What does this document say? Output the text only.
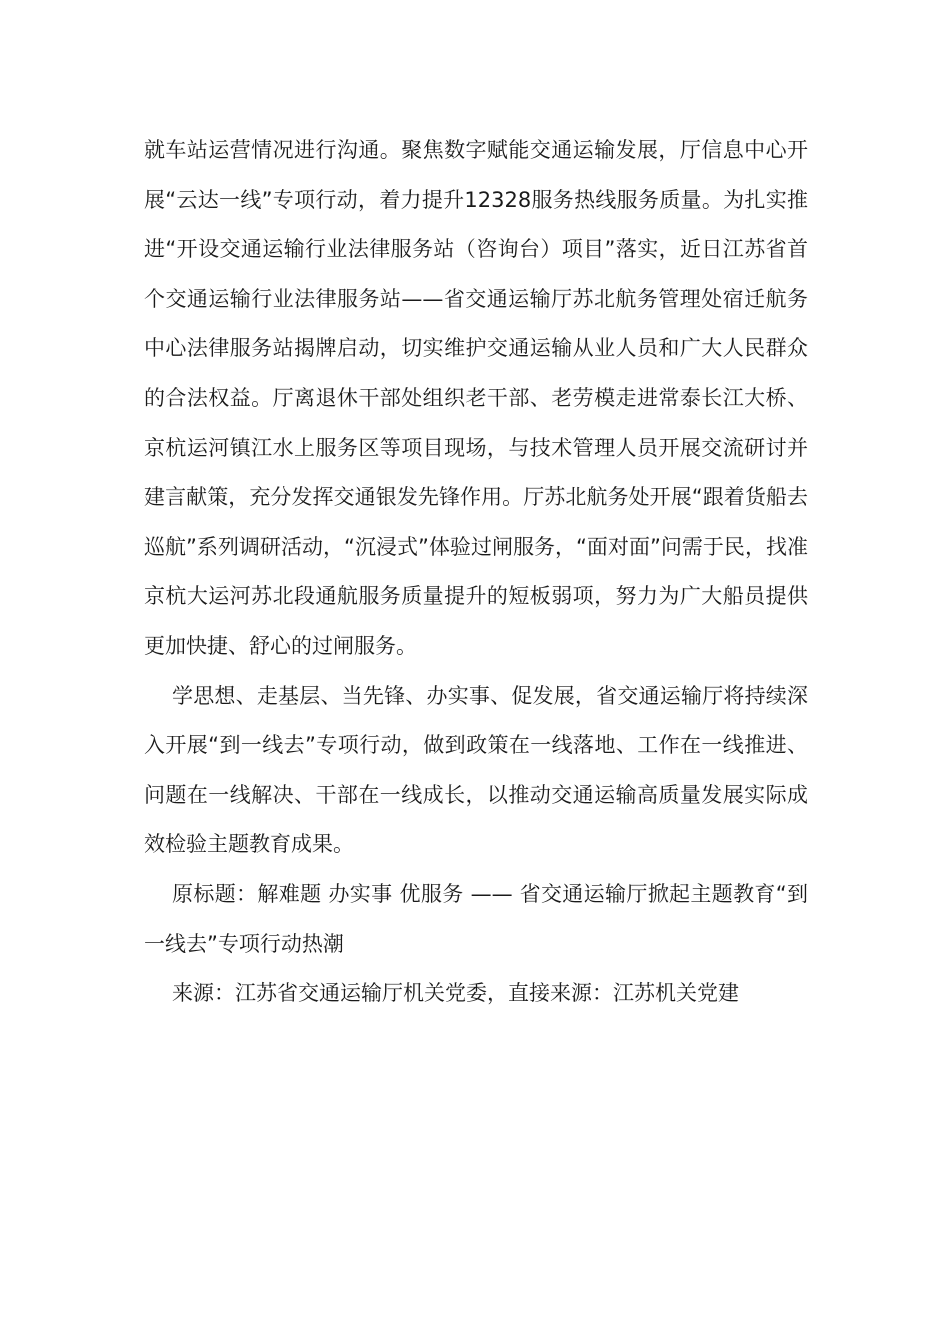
就车站运营情况进行沟通。聚焦数字赋能交通运输发展，厅信息中心开展“云达一线”专项行动，着力提升12328服务热线服务质量。为扎实推进“开设交通运输行业法律服务站（咨询台）项目”落实，近日江苏省首个交通运输行业法律服务站——省交通运输厅苏北航务管理处宿迁航务中心法律服务站揭牌启动，切实维护交通运输从业人员和广大人民群众的合法权益。厅离退休干部处组织老干部、老劳模走进常泰长江大桥、京杭运河镇江水上服务区等项目现场，与技术管理人员开展交流研讨并建言献策，充分发挥交通银发先锋作用。厅苏北航务处开展“跟着货船去巡航”系列调研活动，“沉浸式”体验过闸服务，“面对面”问需于民，找准京杭大运河苏北段通航服务质量提升的短板弱项，努力为广大船员提供更加快捷、舒心的过闸服务。

学思想、走基层、当先锋、办实事、促发展，省交通运输厅将持续深入开展“到一线去”专项行动，做到政策在一线落地、工作在一线推进、问题在一线解决、干部在一线成长，以推动交通运输高质量发展实际成效检验主题教育成果。

原标题：解难题 办实事 优服务 —— 省交通运输厅掀起主题教育“到一线去”专项行动热潮

来源：江苏省交通运输厅机关党委，直接来源：江苏机关党建
